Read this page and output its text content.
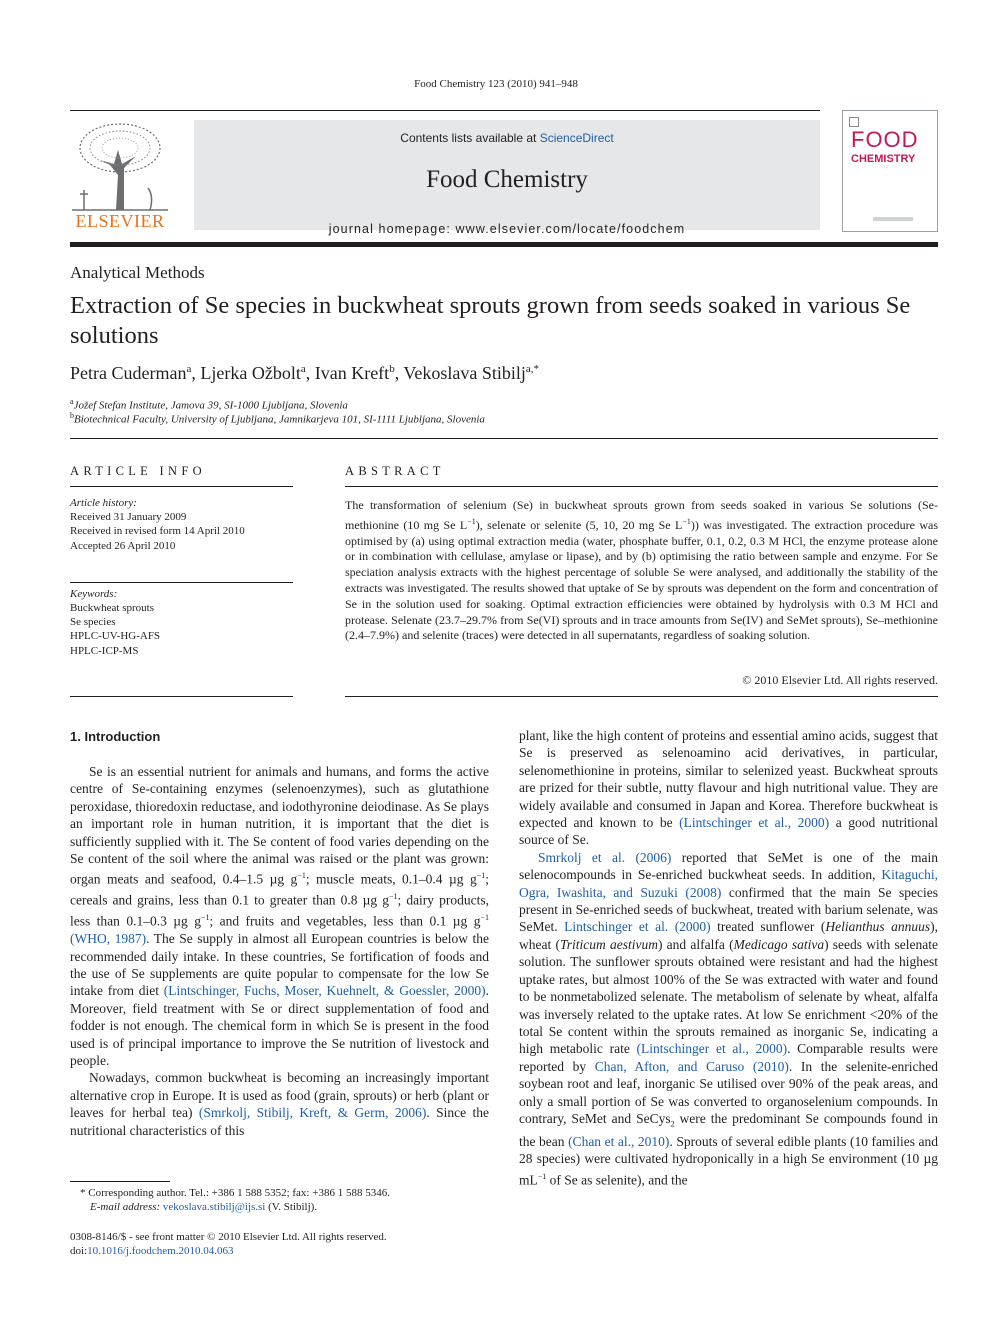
Food Chemistry 123 (2010) 941–948
ELSEVIER
Contents lists available at ScienceDirect
Food Chemistry
journal homepage: www.elsevier.com/locate/foodchem
FOOD
CHEMISTRY
Analytical Methods
Extraction of Se species in buckwheat sprouts grown from seeds soaked in various Se solutions
Petra Cuderman$^a$, Ljerka Ožbolt$^a$, Ivan Kreft$^b$, Vekoslava Stibilj$^{a,*}$
$^a$Jožef Stefan Institute, Jamova 39, SI-1000 Ljubljana, Slovenia
$^b$Biotechnical Faculty, University of Ljubljana, Jamnikarjeva 101, SI-1111 Ljubljana, Slovenia
ARTICLE INFO
Article history:
Received 31 January 2009
Received in revised form 14 April 2010
Accepted 26 April 2010
Keywords:
Buckwheat sprouts
Se species
HPLC-UV-HG-AFS
HPLC-ICP-MS
ABSTRACT
The transformation of selenium (Se) in buckwheat sprouts grown from seeds soaked in various Se solutions (Se-methionine (10 mg Se $L^{-1}$), selenate or selenite (5, 10, 20 mg Se $L^{-1}$)) was investigated. The extraction procedure was optimised by (a) using optimal extraction media (water, phosphate buffer, 0.1, 0.2, 0.3 M HCl, the enzyme protease alone or in combination with cellulase, amylase or lipase), and by (b) optimising the ratio between sample and enzyme. For Se speciation analysis extracts with the highest percentage of soluble Se were analysed, and additionally the stability of the extracts was investigated. The results showed that uptake of Se by sprouts was dependent on the form and concentration of Se in the solution used for soaking. Optimal extraction efficiencies were obtained by hydrolysis with 0.3 M HCl and protease. Selenate (23.7–29.7% from Se(VI) sprouts and in trace amounts from Se(IV) and SeMet sprouts), Se–methionine (2.4–7.9%) and selenite (traces) were detected in all supernatants, regardless of soaking solution.
© 2010 Elsevier Ltd. All rights reserved.
1. Introduction

Se is an essential nutrient for animals and humans, and forms the active centre of Se-containing enzymes (selenoenzymes), such as glutathione peroxidase, thioredoxin reductase, and iodothyronine deiodinase. As Se plays an important role in human nutrition, it is important that the diet is sufficiently supplied with it. The Se content of food varies depending on the Se content of the soil where the animal was raised or the plant was grown: organ meats and seafood, 0.4–1.5 µg $g^{-1}$; muscle meats, 0.1–0.4 µg $g^{-1}$; cereals and grains, less than 0.1 to greater than 0.8 µg $g^{-1}$; dairy products, less than 0.1–0.3 µg $g^{-1}$; and fruits and vegetables, less than 0.1 µg $g^{-1}$ (WHO, 1987). The Se supply in almost all European countries is below the recommended daily intake. In these countries, Se fortification of foods and the use of Se supplements are quite popular to compensate for the low Se intake from diet (Lintschinger, Fuchs, Moser, Kuehnelt, & Goessler, 2000). Moreover, field treatment with Se or direct supplementation of food and fodder is not enough. The chemical form in which Se is present in the food used is of principal importance to improve the Se nutrition of livestock and people.

Nowadays, common buckwheat is becoming an increasingly important alternative crop in Europe. It is used as food (grain, sprouts) or herb (plant or leaves for herbal tea) (Smrkolj, Stibilj, Kreft, & Germ, 2006). Since the nutritional characteristics of this

plant, like the high content of proteins and essential amino acids, suggest that Se is preserved as selenoamino acid derivatives, in particular, selenomethionine in proteins, similar to selenized yeast. Buckwheat sprouts are prized for their subtle, nutty flavour and high nutritional value. They are widely available and consumed in Japan and Korea. Therefore buckwheat is expected and known to be (Lintschinger et al., 2000) a good nutritional source of Se.

Smrkolj et al. (2006) reported that SeMet is one of the main selenocompounds in Se-enriched buckwheat seeds. In addition, Kitaguchi, Ogra, Iwashita, and Suzuki (2008) confirmed that the main Se species present in Se-enriched seeds of buckwheat, treated with barium selenate, was SeMet. Lintschinger et al. (2000) treated sunflower (Helianthus annuus), wheat (Triticum aestivum) and alfalfa (Medicago sativa) seeds with selenate solution. The sunflower sprouts obtained were resistant and had the highest uptake rates, but almost 100% of the Se was extracted with water and found to be nonmetabolized selenate. The metabolism of selenate by wheat, alfalfa was inversely related to the uptake rates. At low Se enrichment <20% of the total Se content within the sprouts remained as inorganic Se, indicating a high metabolic rate (Lintschinger et al., 2000). Comparable results were reported by Chan, Afton, and Caruso (2010). In the selenite-enriched soybean root and leaf, inorganic Se utilised over 90% of the peak areas, and only a small portion of Se was converted to organoselenium compounds. In contrary, SeMet and SeCys$_2$ were the predominant Se compounds found in the bean (Chan et al., 2010). Sprouts of several edible plants (10 families and 28 species) were cultivated hydroponically in a high Se environment (10 µg $mL^{-1}$ of Se as selenite), and the

* Corresponding author. Tel.: +386 1 588 5352; fax: +386 1 588 5346.
E-mail address: vekoslava.stibilj@ijs.si (V. Stibilj).
0308-8146/$ - see front matter © 2010 Elsevier Ltd. All rights reserved.
doi:10.1016/j.foodchem.2010.04.063
